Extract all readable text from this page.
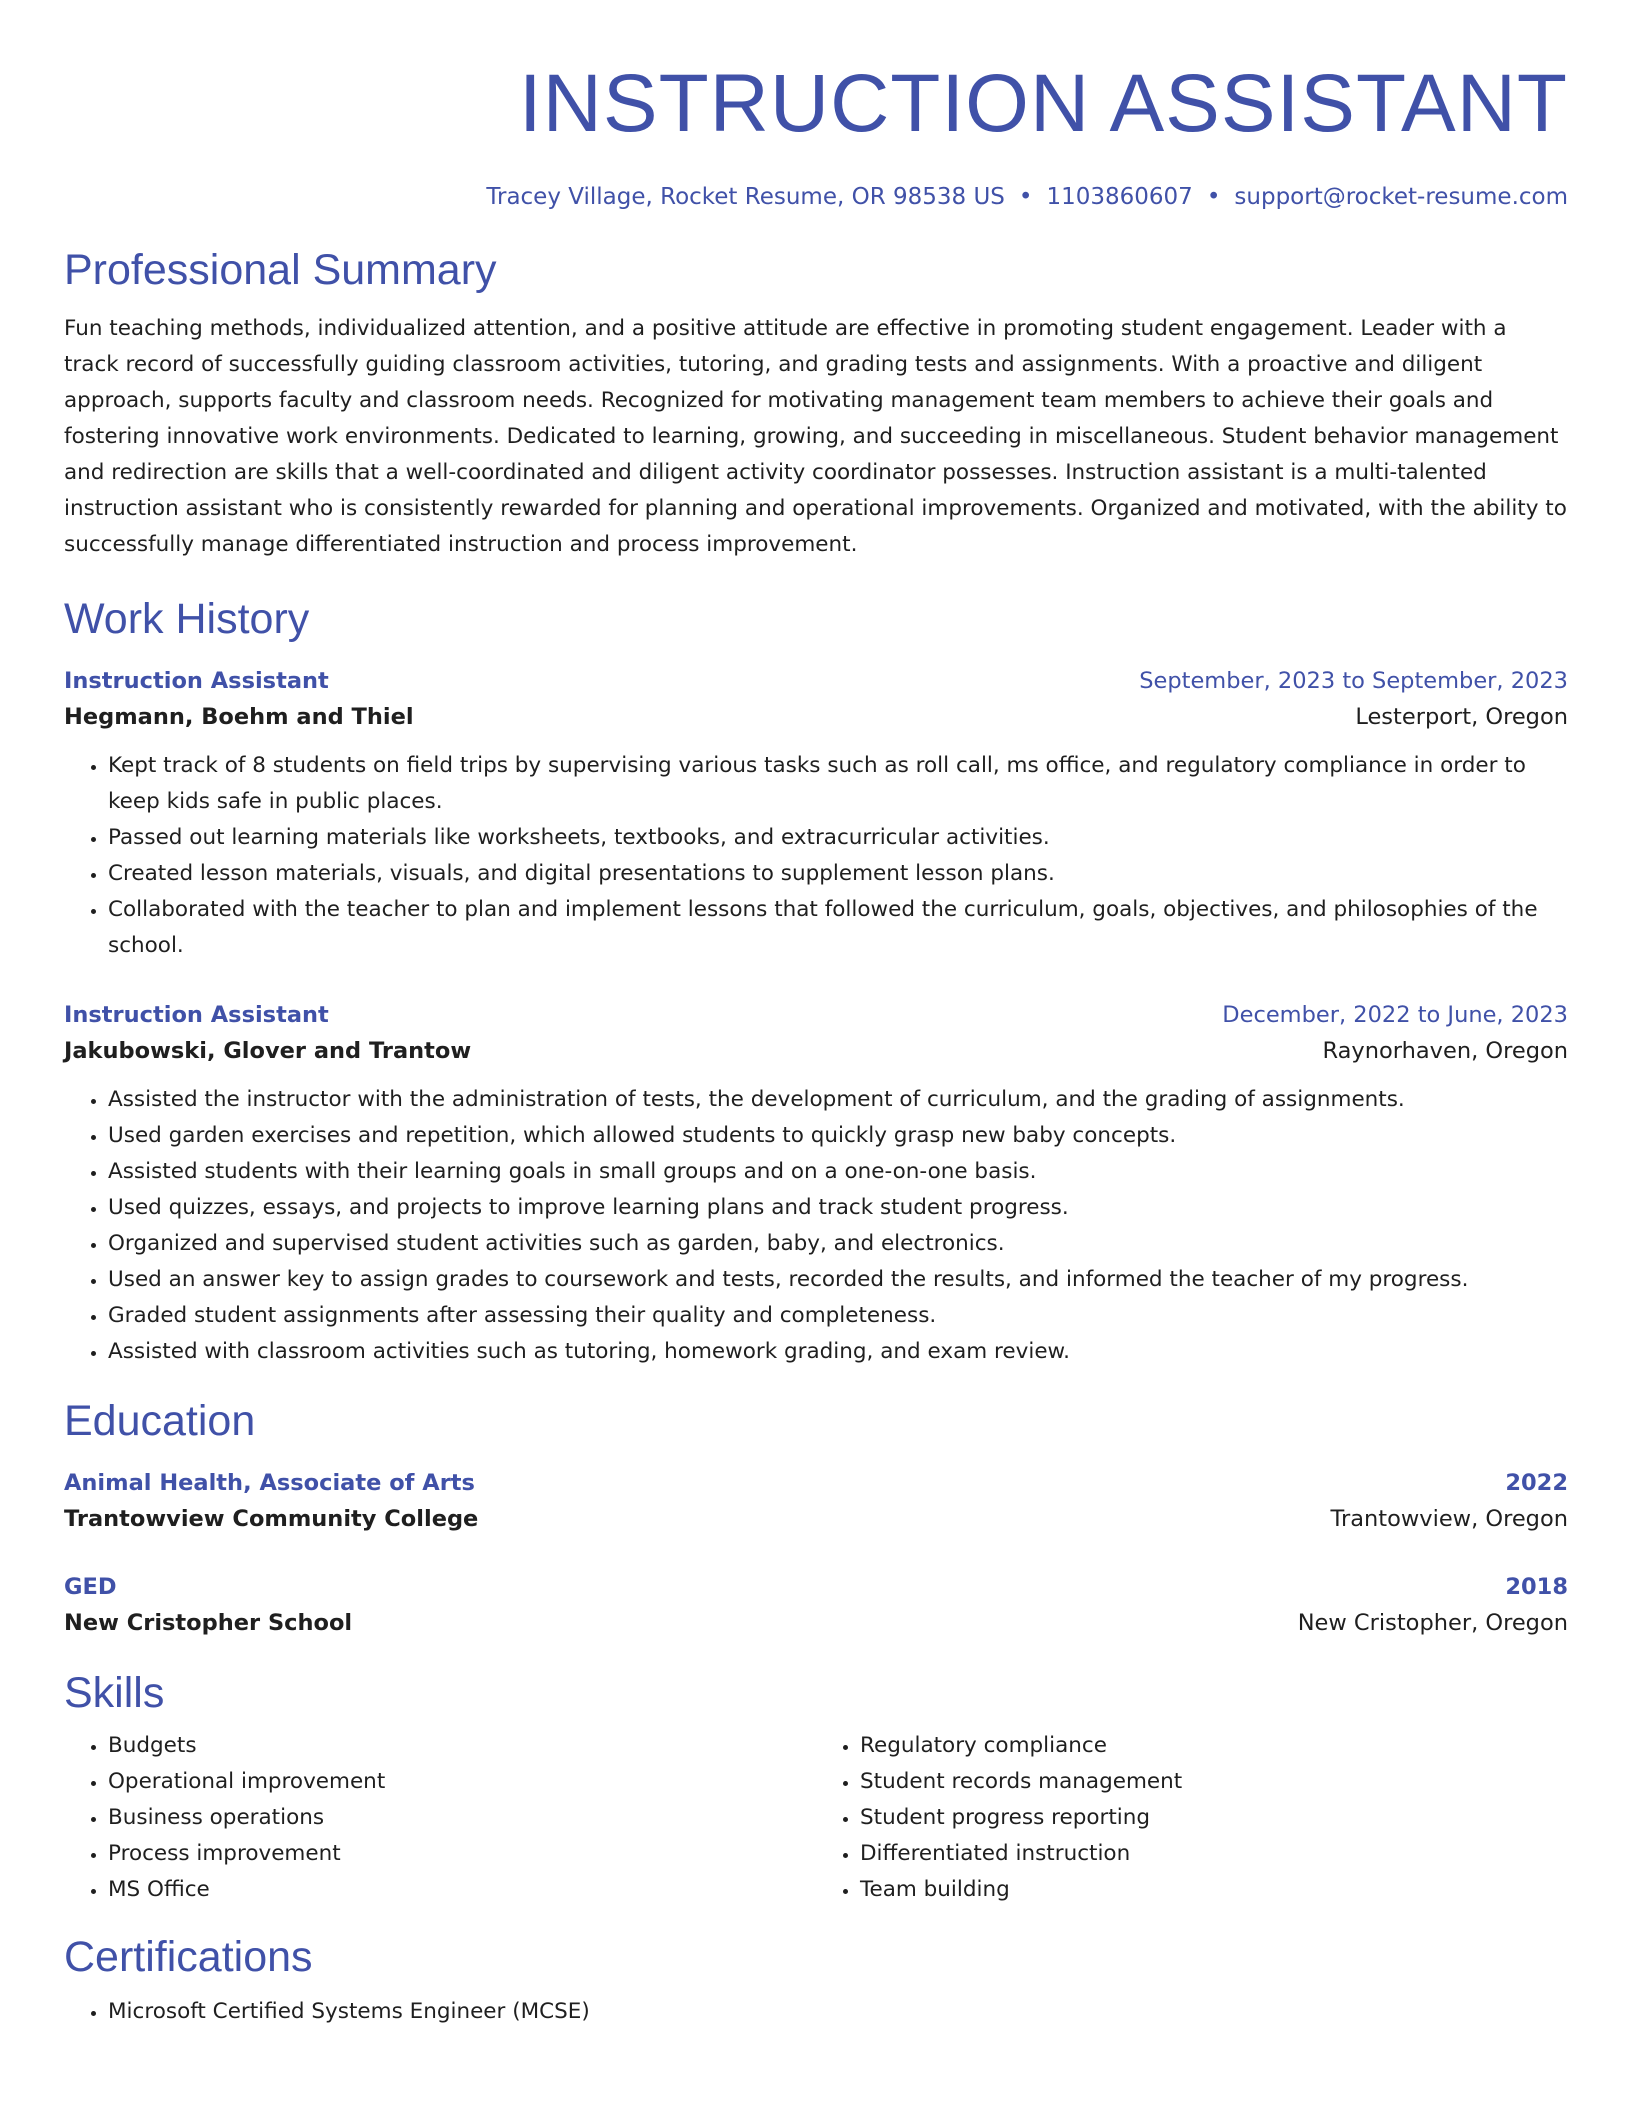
INSTRUCTION ASSISTANT
Tracey Village, Rocket Resume, OR 98538 US • 1103860607 • support@rocket-resume.com
Professional Summary

Fun teaching methods, individualized attention, and a positive attitude are effective in promoting student engagement. Leader with a track record of successfully guiding classroom activities, tutoring, and grading tests and assignments. With a proactive and diligent approach, supports faculty and classroom needs. Recognized for motivating management team members to achieve their goals and fostering innovative work environments. Dedicated to learning, growing, and succeeding in miscellaneous. Student behavior management and redirection are skills that a well-coordinated and diligent activity coordinator possesses. Instruction assistant is a multi-talented instruction assistant who is consistently rewarded for planning and operational improvements. Organized and motivated, with the ability to successfully manage differentiated instruction and process improvement.

Work History
Instruction Assistant	September, 2023 to September, 2023
Hegmann, Boehm and Thiel	Lesterport, Oregon
• Kept track of 8 students on field trips by supervising various tasks such as roll call, ms office, and regulatory compliance in order to keep kids safe in public places.
• Passed out learning materials like worksheets, textbooks, and extracurricular activities.
• Created lesson materials, visuals, and digital presentations to supplement lesson plans.
• Collaborated with the teacher to plan and implement lessons that followed the curriculum, goals, objectives, and philosophies of the school.
Instruction Assistant	December, 2022 to June, 2023
Jakubowski, Glover and Trantow	Raynorhaven, Oregon
• Assisted the instructor with the administration of tests, the development of curriculum, and the grading of assignments.
• Used garden exercises and repetition, which allowed students to quickly grasp new baby concepts.
• Assisted students with their learning goals in small groups and on a one-on-one basis.
• Used quizzes, essays, and projects to improve learning plans and track student progress.
• Organized and supervised student activities such as garden, baby, and electronics.
• Used an answer key to assign grades to coursework and tests, recorded the results, and informed the teacher of my progress.
• Graded student assignments after assessing their quality and completeness.
• Assisted with classroom activities such as tutoring, homework grading, and exam review.
Education
Animal Health, Associate of Arts	2022
Trantowview Community College	Trantowview, Oregon
GED	2018
New Cristopher School	New Cristopher, Oregon
Skills
• Budgets
• Operational improvement
• Business operations
• Process improvement
• MS Office
• Regulatory compliance
• Student records management
• Student progress reporting
• Differentiated instruction
• Team building
Certifications
• Microsoft Certified Systems Engineer (MCSE)
